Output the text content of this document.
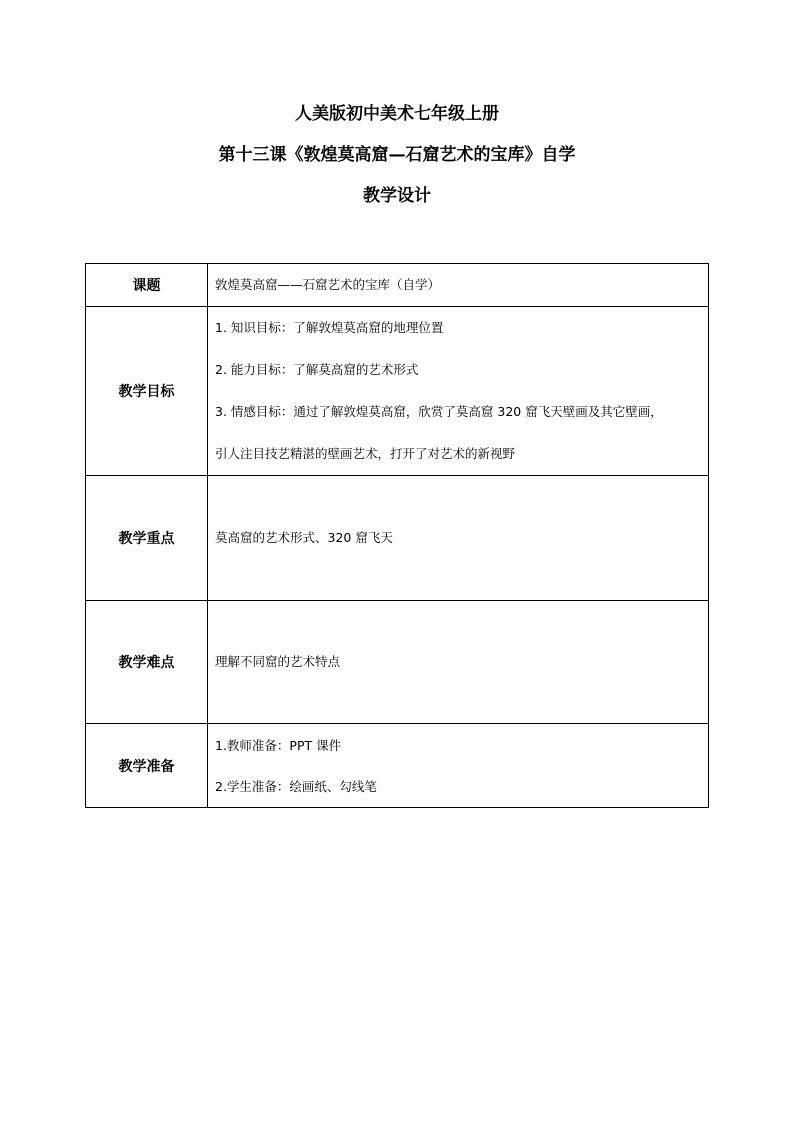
人美版初中美术七年级上册
第十三课《敦煌莫高窟—石窟艺术的宝库》自学
教学设计
课题	敦煌莫高窟——石窟艺术的宝库（自学）

教学目标	1. 知识目标：了解敦煌莫高窟的地理位置
2. 能力目标：了解莫高窟的艺术形式
3. 情感目标：通过了解敦煌莫高窟，欣赏了莫高窟 320 窟飞天壁画及其它壁画，
引人注目技艺精湛的壁画艺术，打开了对艺术的新视野

教学重点	莫高窟的艺术形式、320 窟飞天

教学难点	理解不同窟的艺术特点

教学准备	1.教师准备：PPT 课件
2.学生准备：绘画纸、勾线笔
